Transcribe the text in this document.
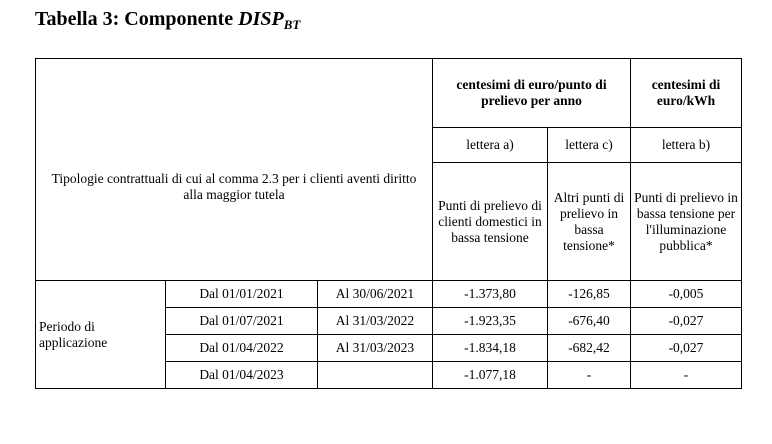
Tabella 3: Componente $DISP_{BT}$
Tipologie contrattuali di cui al comma 2.3 per i clienti aventi diritto alla maggior tutela			centesimi di euro/punto di prelievo per anno		centesimi di euro/kWh
			lettera a)	lettera c)	lettera b)
			Punti di prelievo di clienti domestici in bassa tensione	Altri punti di prelievo in bassa tensione*	Punti di prelievo in bassa tensione per l'illuminazione pubblica*
Periodo di applicazione	Dal 01/01/2021	Al 30/06/2021	-1.373,80	-126,85	-0,005
	Dal 01/07/2021	Al 31/03/2022	-1.923,35	-676,40	-0,027
	Dal 01/04/2022	Al 31/03/2023	-1.834,18	-682,42	-0,027
	Dal 01/04/2023		-1.077,18	-	-
